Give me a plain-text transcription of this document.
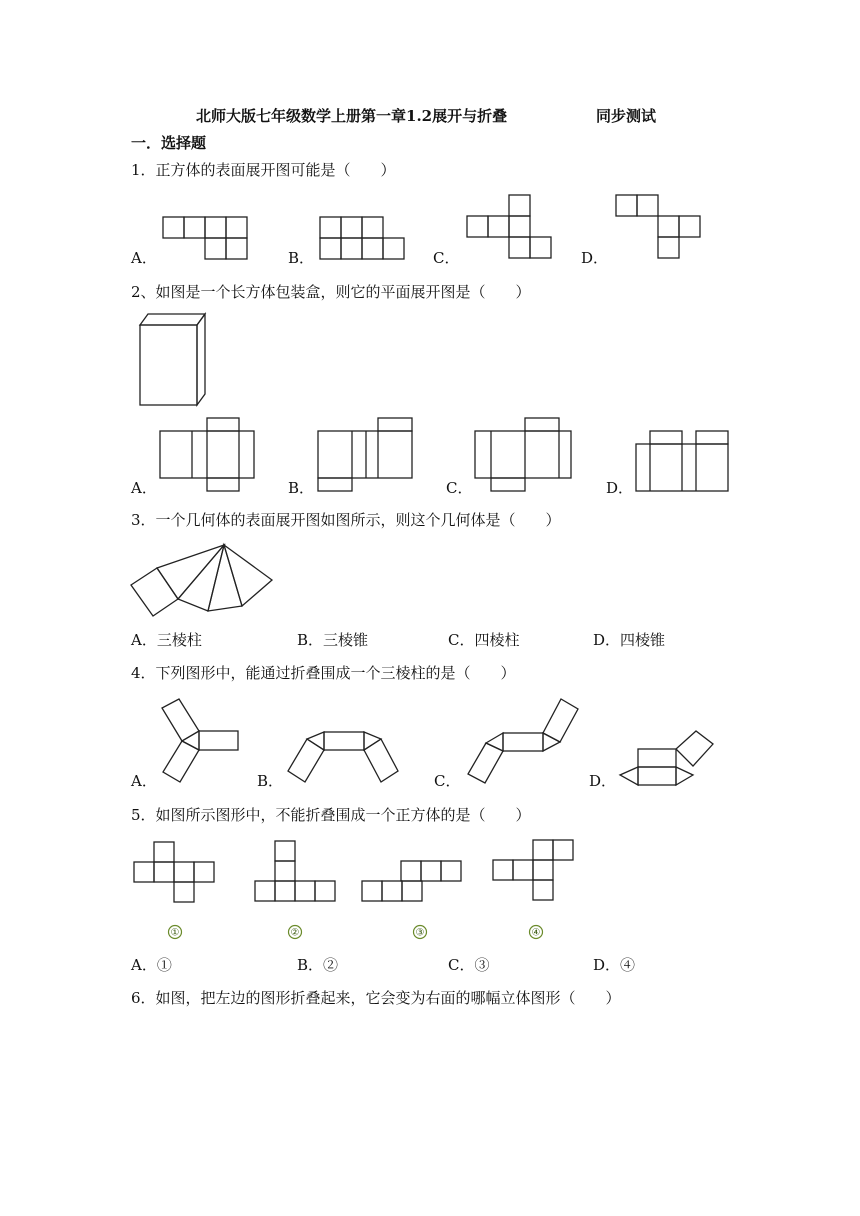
北师大版七年级数学上册第一章1.2展开与折叠	同步测试
一．选择题
1．正方体的表面展开图可能是（　　）
A．	B．	C．	D．
2、如图是一个长方体包装盒，则它的平面展开图是（　　）
A．	B．	C．	D．
3．一个几何体的表面展开图如图所示，则这个几何体是（　　）
A．三棱柱	B．三棱锥	C．四棱柱	D．四棱锥
4．下列图形中，能通过折叠围成一个三棱柱的是（　　）
A．	B．	C．	D．
5．如图所示图形中，不能折叠围成一个正方体的是（　　）
①	②	③	④
A．①	B．②	C．③	D．④
6．如图，把左边的图形折叠起来，它会变为右面的哪幅立体图形（　　）
